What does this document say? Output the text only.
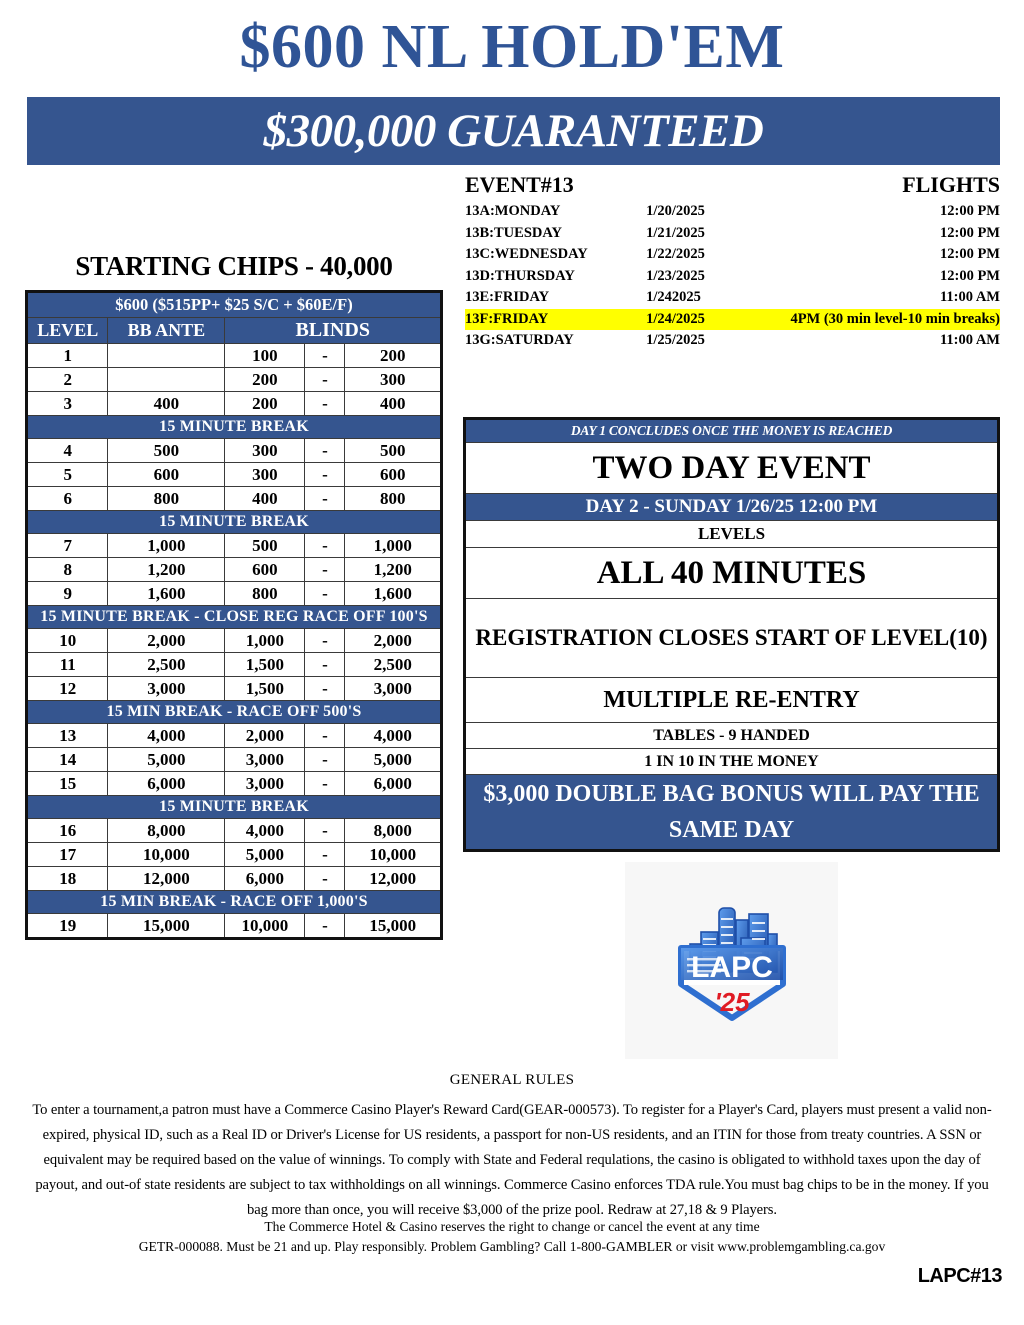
$600 NL HOLD'EM
$300,000 GUARANTEED
EVENT#13		FLIGHTS
13A:MONDAY	1/20/2025	12:00 PM
13B:TUESDAY	1/21/2025	12:00 PM
13C:WEDNESDAY	1/22/2025	12:00 PM
13D:THURSDAY	1/23/2025	12:00 PM
13E:FRIDAY	1/242025	11:00 AM
13F:FRIDAY	1/24/2025	4PM (30 min level-10 min breaks)
13G:SATURDAY	1/25/2025	11:00 AM
STARTING CHIPS - 40,000
$600 ($515PP+ $25 S/C + $60E/F)				
LEVEL	BB ANTE	BLINDS		
1		100	-	200
2		200	-	300
3	400	200	-	400
15 MINUTE BREAK				
4	500	300	-	500
5	600	300	-	600
6	800	400	-	800
15 MINUTE BREAK				
7	1,000	500	-	1,000
8	1,200	600	-	1,200
9	1,600	800	-	1,600
15 MINUTE BREAK - CLOSE REG RACE OFF 100'S				
10	2,000	1,000	-	2,000
11	2,500	1,500	-	2,500
12	3,000	1,500	-	3,000
15 MIN BREAK - RACE OFF 500'S				
13	4,000	2,000	-	4,000
14	5,000	3,000	-	5,000
15	6,000	3,000	-	6,000
15 MINUTE BREAK				
16	8,000	4,000	-	8,000
17	10,000	5,000	-	10,000
18	12,000	6,000	-	12,000
15 MIN BREAK - RACE OFF 1,000'S				
19	15,000	10,000	-	15,000
DAY 1 CONCLUDES ONCE THE MONEY IS REACHED
TWO DAY EVENT
DAY 2 - SUNDAY 1/26/25 12:00 PM
LEVELS
ALL 40 MINUTES
REGISTRATION CLOSES START OF LEVEL(10)
MULTIPLE RE-ENTRY
TABLES - 9 HANDED
1 IN 10 IN THE MONEY
$3,000 DOUBLE BAG BONUS WILL PAY THE SAME DAY
LAPC
'25
GENERAL RULES
To enter a tournament,a patron must have a Commerce Casino Player's Reward Card(GEAR-000573). To register for a Player's Card, players must present a valid non-expired, physical ID, such as a Real ID or Driver's License for US residents, a passport for non-US residents, and an ITIN for those from treaty countries. A SSN or equivalent may be required based on the value of winnings. To comply with State and Federal requlations, the casino is obligated to withhold taxes upon the day of payout, and out-of state residents are subject to tax withholdings on all winnings. Commerce Casino enforces TDA rule.You must bag chips to be in the money. If you bag more than once, you will receive $3,000 of the prize pool. Redraw at 27,18 & 9 Players.
The Commerce Hotel & Casino reserves the right to change or cancel the event at any time
GETR-000088. Must be 21 and up. Play responsibly. Problem Gambling? Call 1-800-GAMBLER or visit www.problemgambling.ca.gov
LAPC#13
